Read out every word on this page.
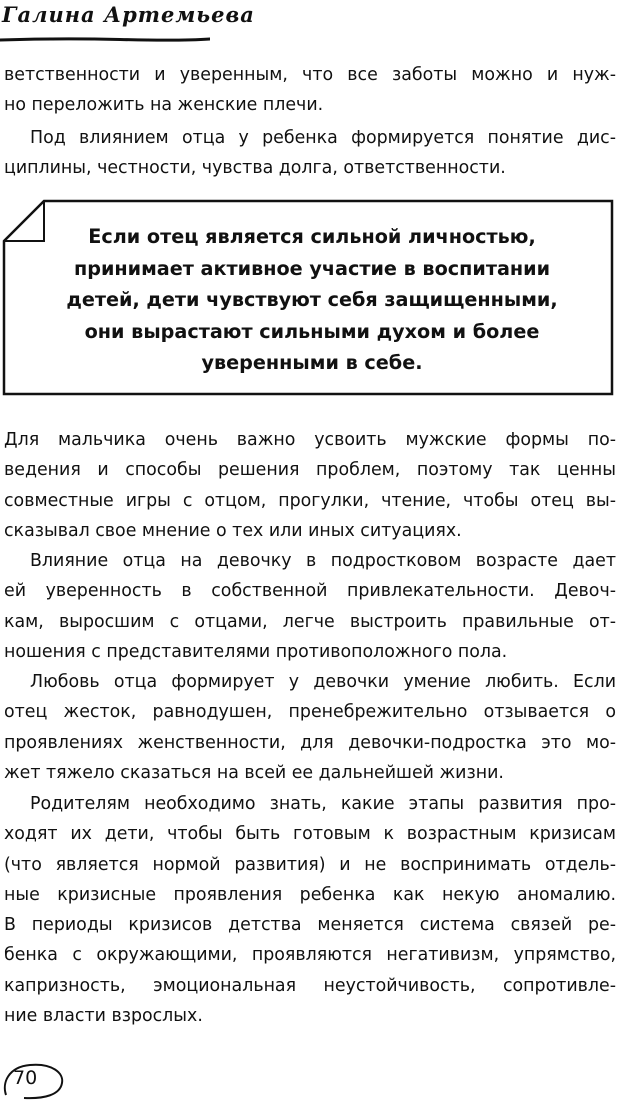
Галина Артемьева
ветственности и уверенным, что все заботы можно и нуж-
но переложить на женские плечи.
Под влиянием отца у ребенка формируется понятие дис-
циплины, честности, чувства долга, ответственности.
Если отец является сильной личностью,
принимает активное участие в воспитании
детей, дети чувствуют себя защищенными,
они вырастают сильными духом и более
уверенными в себе.
Для мальчика очень важно усвоить мужские формы по-
ведения и способы решения проблем, поэтому так ценны
совместные игры с отцом, прогулки, чтение, чтобы отец вы-
сказывал свое мнение о тех или иных ситуациях.
Влияние отца на девочку в подростковом возрасте дает
ей уверенность в собственной привлекательности. Девоч-
кам, выросшим с отцами, легче выстроить правильные от-
ношения с представителями противоположного пола.
Любовь отца формирует у девочки умение любить. Если
отец жесток, равнодушен, пренебрежительно отзывается о
проявлениях женственности, для девочки-подростка это мо-
жет тяжело сказаться на всей ее дальнейшей жизни.
Родителям необходимо знать, какие этапы развития про-
ходят их дети, чтобы быть готовым к возрастным кризисам
(что является нормой развития) и не воспринимать отдель-
ные кризисные проявления ребенка как некую аномалию.
В периоды кризисов детства меняется система связей ре-
бенка с окружающими, проявляются негативизм, упрямство,
капризность, эмоциональная неустойчивость, сопротивле-
ние власти взрослых.
70
